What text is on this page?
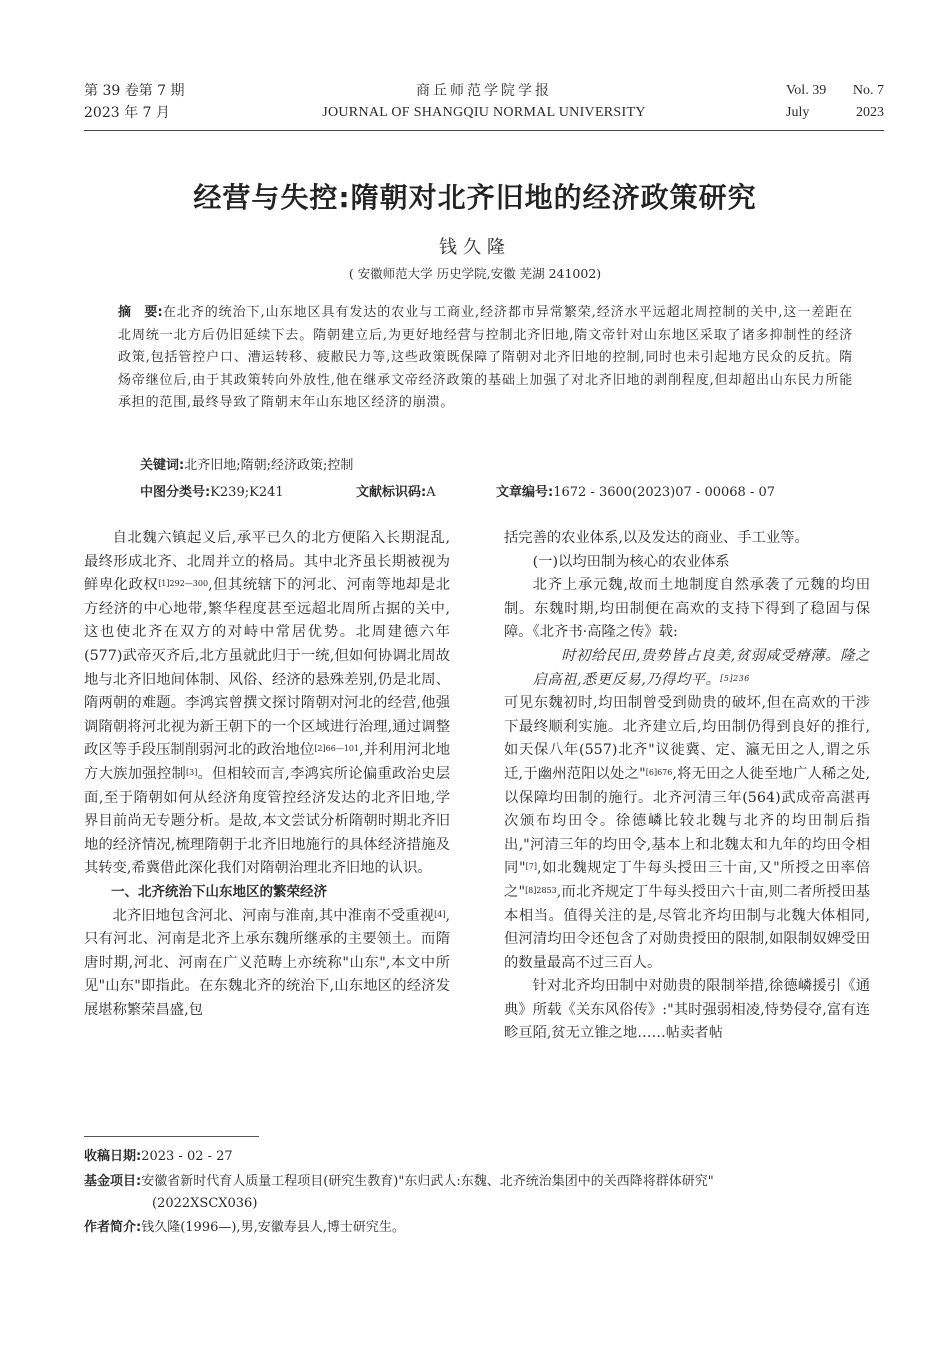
第 39 卷第 7 期
2023 年 7 月
商丘师范学院学报
JOURNAL OF SHANGQIU NORMAL UNIVERSITY
Vol. 39 No. 7
July	2023
经营与失控:隋朝对北齐旧地的经济政策研究
钱久隆
( 安徽师范大学 历史学院,安徽 芜湖 241002)
摘　要:在北齐的统治下,山东地区具有发达的农业与工商业,经济都市异常繁荣,经济水平远超北周控制的关中,这一差距在北周统一北方后仍旧延续下去。隋朝建立后,为更好地经营与控制北齐旧地,隋文帝针对山东地区采取了诸多抑制性的经济政策,包括管控户口、漕运转移、疲敝民力等,这些政策既保障了隋朝对北齐旧地的控制,同时也未引起地方民众的反抗。隋炀帝继位后,由于其政策转向外放性,他在继承文帝经济政策的基础上加强了对北齐旧地的剥削程度,但却超出山东民力所能承担的范围,最终导致了隋朝末年山东地区经济的崩溃。
关键词:北齐旧地;隋朝;经济政策;控制
中图分类号:K239;K241	文献标识码:A	文章编号:1672 - 3600(2023)07 - 00068 - 07

自北魏六镇起义后,承平已久的北方便陷入长期混乱,最终形成北齐、北周并立的格局。其中北齐虽长期被视为鲜卑化政权$^{[1]292—300}$,但其统辖下的河北、河南等地却是北方经济的中心地带,繁华程度甚至远超北周所占据的关中,这也使北齐在双方的对峙中常居优势。北周建德六年(577)武帝灭齐后,北方虽就此归于一统,但如何协调北周故地与北齐旧地间体制、风俗、经济的悬殊差别,仍是北周、隋两朝的难题。李鸿宾曾撰文探讨隋朝对河北的经营,他强调隋朝将河北视为新王朝下的一个区域进行治理,通过调整政区等手段压制削弱河北的政治地位$^{[2]66—101}$,并利用河北地方大族加强控制[3]。但相较而言,李鸿宾所论偏重政治史层面,至于隋朝如何从经济角度管控经济发达的北齐旧地,学界目前尚无专题分析。是故,本文尝试分析隋朝时期北齐旧地的经济情况,梳理隋朝于北齐旧地施行的具体经济措施及其转变,希冀借此深化我们对隋朝治理北齐旧地的认识。

一、北齐统治下山东地区的繁荣经济

北齐旧地包含河北、河南与淮南,其中淮南不受重视[4],只有河北、河南是北齐上承东魏所继承的主要领土。而隋唐时期,河北、河南在广义范畴上亦统称"山东",本文中所见"山东"即指此。在东魏北齐的统治下,山东地区的经济发展堪称繁荣昌盛,包

括完善的农业体系,以及发达的商业、手工业等。

(一)以均田制为核心的农业体系

北齐上承元魏,故而土地制度自然承袭了元魏的均田制。东魏时期,均田制便在高欢的支持下得到了稳固与保障。《北齐书·高隆之传》载:

时初给民田,贵势皆占良美,贫弱咸受瘠薄。隆之启高祖,悉更反易,乃得均平。$^{[5]236}$

可见东魏初时,均田制曾受到勋贵的破坏,但在高欢的干涉下最终顺利实施。北齐建立后,均田制仍得到良好的推行,如天保八年(557)北齐"议徙冀、定、瀛无田之人,谓之乐迁,于幽州范阳以处之"$^{[6]676}$,将无田之人徙至地广人稀之处,以保障均田制的施行。北齐河清三年(564)武成帝高湛再次颁布均田令。徐德嶙比较北魏与北齐的均田制后指出,"河清三年的均田令,基本上和北魏太和九年的均田令相同"[7],如北魏规定丁牛每头授田三十亩,又"所授之田率倍之"$^{[8]2853}$,而北齐规定丁牛每头授田六十亩,则二者所授田基本相当。值得关注的是,尽管北齐均田制与北魏大体相同,但河清均田令还包含了对勋贵授田的限制,如限制奴婢受田的数量最高不过三百人。

针对北齐均田制中对勋贵的限制举措,徐德嶙援引《通典》所载《关东风俗传》:"其时强弱相凌,恃势侵夺,富有连畛亘陌,贫无立锥之地……帖卖者帖

收稿日期:2023 - 02 - 27
基金项目:安徽省新时代育人质量工程项目(研究生教育)"东归武人:东魏、北齐统治集团中的关西降将群体研究"
(2022XSCX036)
作者简介:钱久隆(1996—),男,安徽寿县人,博士研究生。
